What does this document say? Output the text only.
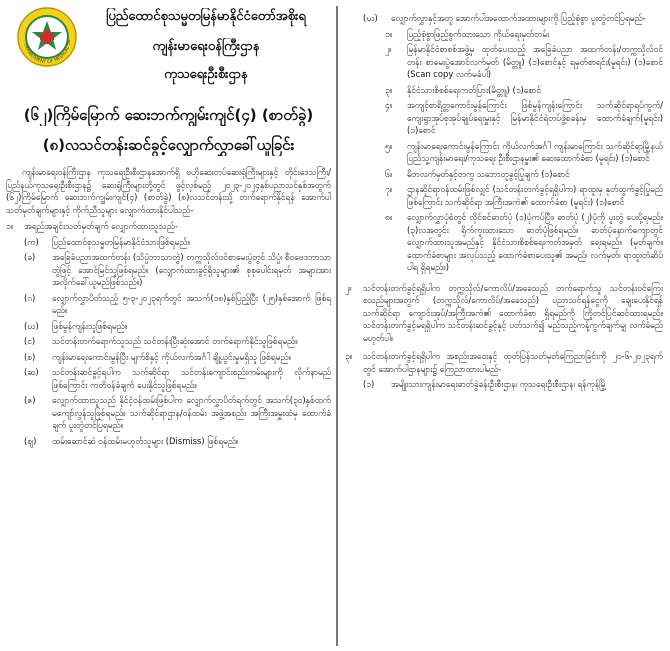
DEPARTMENT OF MEDICAL SE
ပြည်ထောင်စုသမ္မတမြန်မာနိုင်ငံတော်အစိုးရ
ကျန်းမာရေးဝန်ကြီးဌာန
ကုသရေးဦးစီးဌာန
(၆၂)ကြိမ်မြောက် ဆေးဘက်ကျွမ်းကျင်(၄) (စာတ်ခွဲ)
(၈)လသင်တန်းဆင်ခွင့်လျှောက်လွှာခေါ်ယူခြင်း
ကျန်းမာရေးဝန်ကြီးဌာန ကုသရေးဦးစီးဌာနအောက်ရှိ ဗဟိုဆေးတပ်ဆေးရုံကြီးများနှင့် တိုင်းဒေသကြီး/ပြည်နယ်ကုသရေးဦးစီးဌာန၌ ဆေးရုံကြီးများတို့တွင် ဖွင့်လှစ်မည့် ၂၀၂၃-၂၀၂၄နှစ်ပညာသင်နှစ်အတွက် (၆၂)ကြိမ်မြောက် ဆေးဘက်ကျွမ်းကျင်(၄) (စာတ်ခွဲ) (၈)လသင်တန်းသို့ တက်ရောက်နိုင်ရန် အောက်ပါ သတ်မှတ်ချက်များနှင့် ကိုက်ညီသူများ လျှောက်ထားနိုင်ပါသည်-
၁။	အရည်အချင်းသတ်မှတ်ချက် လျှောက်ထားသူသည်-
(က)	ပြည်ထောင်စုသမ္မတမြန်မာနိုင်ငံသားဖြစ်ရမည်။
(ခ)	အခြေခံပညာအထက်တန်း (သိပ္ပံဘာသာတွဲ) တက္ကသိုလ်ဝင်စာမေးပွဲတွင် သိပ္ပံ၊ စီဝဗေဒဘာသာတွဲဖြင့် အောင်မြင်သူဖြစ်ရမည်။ (လျှောက်ထားခွင့်ရှိသူများ၏ စုစုပေါင်းရမှတ် အများအားအလိုက်ခေါ်ယူမည်ဖြစ်သည်။)
(ဂ)	လျှောက်လွှာပိတ်သည့် ၅-၃-၂၀၂၃ရက်တွင် အသက်(၁၈)နှစ်ပြည့်ပြီး (၂၅)နှစ်အောက် ဖြစ်ရမည်။
(ဃ)	ဖြစ်မွန်ကျန်းသူဖြစ်ရမည်။
(င)	သင်တန်းတက်ရောက်သူသည် သင်တန်းပြီးဆုံးအောင် တက်ရောက်နိုင်သူဖြစ်ရမည်။
(စ)	ကျန်းမာရေးကောင်းမွန်ပြီး မျက်စိနှင့် ကိုယ်လက်အင်္ဂါ ချို့ယွင်းမှုမရှိသူ ဖြစ်ရမည်။
(ဆ)	သင်တန်းဆင်ခွင့်ရပါက သက်ဆိုင်ရာ သင်တန်းကျောင်းစည်းကမ်းများကို လိုက်နာမည်ဖြစ်ကြောင်း ကတိဝန်ခံချက် ပေးနိုင်သူဖြစ်ရမည်။
(ဇ)	လျှောက်ထားသူသည် နိုင်ငံ့ဝန်ထမ်းဖြစ်ပါက လျှောက်လွှာပိတ်ရက်တွင် အသက်(၃၀)နှစ်ထက် မကျော်လွန်သူဖြစ်ရမည်။ သက်ဆိုင်ရာဌာန/ဝန်ထမ်း အဖွဲ့အစည်း အကြီးအမှူးထံမှ ထောက်ခံချက် ပူးတွဲတင်ပြရမည်။
(ဈ)	ထမ်းဆောင်ဆဲ ဝန်ထမ်းမဟုတ်သူများ (Dismiss) ဖြစ်ရမည်။
(ဃ)	လျှောက်လွှာနှင့်အတူ အောက်ပါအထောက်အထားများကို ပြည့်စုံစွာ ပူးတွဲတင်ပြရမည်-
၁။	ပြည့်စုံစွာဖြည့်စွက်ထားသော ကိုယ်ရေးမှတ်တမ်း
၂။	မြန်မာနိုင်ငံစာစစ်အဖွဲ့မှ ထုတ်ပေးသည့် အခြေခံပညာ အထက်တန်း/တက္ကသိုလ်ဝင်တန်း စာမေးပွဲအောင်လက်မှတ် (မိတ္တူ) (၁)စောင်နှင့် ရမှတ်စာရင်း(မူရင်း) (၁)စောင် (Scan copy လက်မခံပါ)
၃။	နိုင်ငံသားစိစစ်ရေးကတ်ပြား(မိတ္တူ) (၁)စောင်
၄။	အကျင့်စာရိတ္တကောင်းမွန်ကြောင်း ဖြစ်မွန်ကျန်းကြောင်း သက်ဆိုင်ရာရပ်ကွက်/ကျေးရွာအုပ်စုအုပ်ချုပ်ရေးမှူးနှင့် မြန်မာနိုင်ငံရဲတပ်ဖွဲ့စခန်းမှ ထောက်ခံချက်(မူရင်း) (၁)စောင်
၅။	ကျန်းမာရေးကောင်းမွန်ကြောင်း ကိုယ်လက်အင်္ဂါ ကျန်းမာကြောင်း သက်ဆိုင်ရာမြို့နယ် ပြည်သူ့ကျန်းမာရေး/ကုသရေး ဦးစီးဌာနမှူး၏ ဆေးထောက်ခံစာ (မူရင်း) (၁)စောင်
၆။	မိဘလက်မှတ်နှင့်တကွ သဘောတူခွင့်ပြုချက် (၁)စောင်
၇။	ဌာနဆိုင်ရာဝန်ထမ်းဖြစ်လျှင် (သင်တန်းတက်ခွင့်ရရှိပါက) ရာထူးမှ နုတ်ထွက်ခွင့်ပြုမည်ဖြစ်ကြောင်း သက်ဆိုင်ရာ အကြီးအကဲ၏ ထောက်ခံစာ (မူရင်း) (၁)စောင်
၈။	လျှောက်လွှာပုံစံတွင် လိုင်စင်ဓာတ်ပုံ (၁)ပုံကပ်ပြီး၊ ဓာတ်ပုံ (၂)ပုံကို ပူးတွဲ ပေးပို့ရမည်။ (၃)လအတွင်း ရိုက်ကူးထားသော ဓာတ်ပုံဖြစ်ရမည်။ ဓာတ်ပုံနောက်ကျောတွင် လျှောက်ထားသူအမည်နှင့် နိုင်ငံသားစိစစ်ရေးကတ်အမှတ် ရေးရမည်။ (မှတ်ချက်။ ထောက်ခံစာများ အလုပ်သည့် ထောက်ခံစာပေးသူ၏ အမည်၊ လက်မှတ်၊ ရာထူးတံဆိပ်ပါရ ရှိရမည်။)
၂။	သင်တန်းတက်ခွင့်ရရှိပါက တက္ကသိုလ်/ကောလိပ်/အခေသည် တက်ရောက်သူ သင်တန်းဝင်ကြေး စသည်များအတွက် (တက္ကသိုလ်/ကောလိပ်/အခေသည်) ပညာသင်ရန်ငွေကို ချေးပေးနိုင်ရန် သက်ဆိုင်ရာ ကျောင်းအုပ်/အကြီးအကဲ၏ ထောက်ခံစာ ရှိရမည်ကို ကြိုတင်ပြင်ဆင်ထားရမည်။ သင်တန်းတက်ခွင့်မရရှိပါက သင်တန်းဆင်ခွင့်နှင့် ပတ်သက်၍ မည်သည့်ကန့်ကွက်ချက်မျှ လက်ခံမည်မဟုတ်ပါ။
၃။	သင်တန်းတက်ခွင့်ရရှိပါက အစည်းအဝေးနှင့် ထုတ်ပြန်သတ်မှတ်ကြေညာခြင်းကို ၂၀-၆-၂၀၂၃ရက်တွင် အောက်ပါဌာနများ၌ ကြေညာထားပါမည်-
(၁)	အမျိုးသားကျန်းမာရေးဓာတ်ခွဲခန်းဦးစီးဌာန၊ ကုသရေးဦးစီးဌာန၊ ရန်ကုန်မြို့
